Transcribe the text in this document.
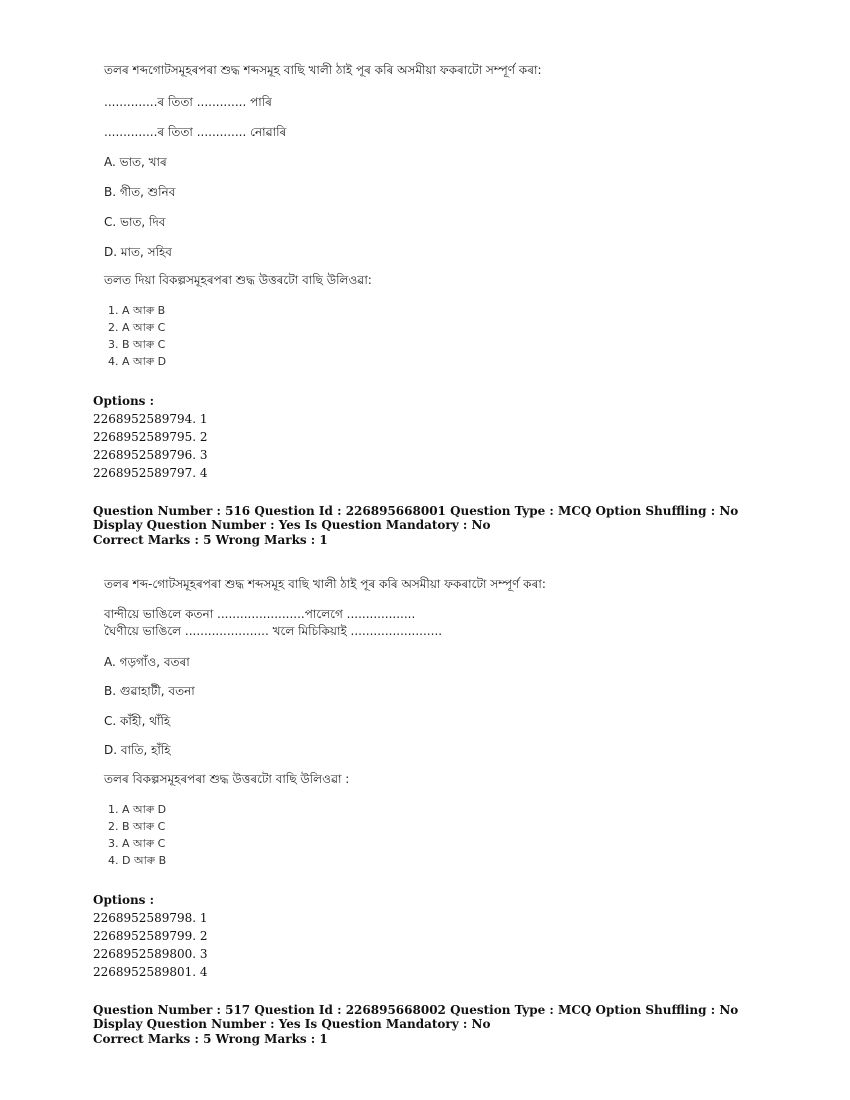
তলৰ শব্দগোটসমূহৰপৰা শুদ্ধ শব্দসমূহ বাছি খালী ঠাই পূৰ কৰি অসমীয়া ফকৰাটো সম্পূৰ্ণ কৰা:
..............ৰ তিতা ............. পাৰি
..............ৰ তিতা ............. নোৱাৰি
A. ভাত, খাৰ
B. গীত, শুনিব
C. ভাত, দিব
D. মাত, সহিব
তলত দিয়া বিকল্পসমূহৰপৰা শুদ্ধ উত্তৰটো বাছি উলিওৱা:
1. A আৰু B
2. A আৰু C
3. B আৰু C
4. A আৰু D
Options :
2268952589794. 1
2268952589795. 2
2268952589796. 3
2268952589797. 4
Question Number : 516 Question Id : 226895668001 Question Type : MCQ Option Shuffling : No Display Question Number : Yes Is Question Mandatory : No
Correct Marks : 5 Wrong Marks : 1
তলৰ শব্দ-গোটসমূহৰপৰা শুদ্ধ শব্দসমূহ বাছি খালী ঠাই পূৰ কৰি অসমীয়া ফকৰাটো সম্পূৰ্ণ কৰা:
বান্দীয়ে ভাঙিলে কতনা .......................পালেগে ..................
ঘৈণীয়ে ভাঙিলে ...................... খলে মিচিকিয়াই ........................
A. গড়গাঁও, বতৰা
B. গুৱাহাটী, বতনা
C. কাঁহী, থাঁহি
D. বাতি, হাঁহি
তলৰ বিকল্পসমূহৰপৰা শুদ্ধ উত্তৰটো বাছি উলিওৱা :
1. A আৰু D
2. B আৰু C
3. A আৰু C
4. D আৰু B
Options :
2268952589798. 1
2268952589799. 2
2268952589800. 3
2268952589801. 4
Question Number : 517 Question Id : 226895668002 Question Type : MCQ Option Shuffling : No Display Question Number : Yes Is Question Mandatory : No
Correct Marks : 5 Wrong Marks : 1
